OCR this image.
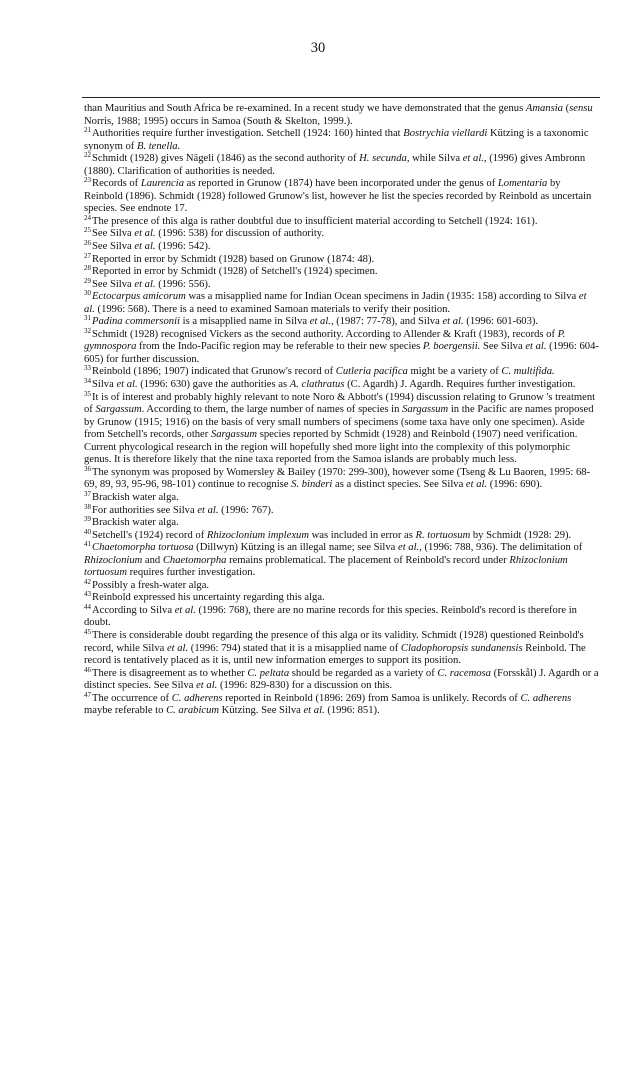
30

than Mauritius and South Africa be re-examined. In a recent study we have demonstrated that the genus Amansia (sensu Norris, 1988; 1995) occurs in Samoa (South & Skelton, 1999.).

$^{21}$Authorities require further investigation. Setchell (1924: 160) hinted that Bostrychia viellardi Kützing is a taxonomic synonym of B. tenella.

$^{22}$Schmidt (1928) gives Nägeli (1846) as the second authority of H. secunda, while Silva et al., (1996) gives Ambronn (1880). Clarification of authorities is needed.

$^{23}$Records of Laurencia as reported in Grunow (1874) have been incorporated under the genus of Lomentaria by Reinbold (1896). Schmidt (1928) followed Grunow's list, however he list the species recorded by Reinbold as uncertain species. See endnote 17.

$^{24}$The presence of this alga is rather doubtful due to insufficient material according to Setchell (1924: 161).

$^{25}$See Silva et al. (1996: 538) for discussion of authority.

$^{26}$See Silva et al. (1996: 542).

$^{27}$Reported in error by Schmidt (1928) based on Grunow (1874: 48).

$^{28}$Reported in error by Schmidt (1928) of Setchell's (1924) specimen.

$^{29}$See Silva et al. (1996: 556).

$^{30}$Ectocarpus amicorum was a misapplied name for Indian Ocean specimens in Jadin (1935: 158) according to Silva et al. (1996: 568). There is a need to examined Samoan materials to verify their position.

$^{31}$Padina commersonii is a misapplied name in Silva et al., (1987: 77-78), and Silva et al. (1996: 601-603).

$^{32}$Schmidt (1928) recognised Vickers as the second authority. According to Allender & Kraft (1983), records of P. gymnospora from the Indo-Pacific region may be referable to their new species P. boergensii. See Silva et al. (1996: 604-605) for further discussion.

$^{33}$Reinbold (1896; 1907) indicated that Grunow's record of Cutleria pacifica might be a variety of C. multifida.

$^{34}$Silva et al. (1996: 630) gave the authorities as A. clathratus (C. Agardh) J. Agardh. Requires further investigation.

$^{35}$It is of interest and probably highly relevant to note Noro & Abbott's (1994) discussion relating to Grunow 's treatment of Sargassum. According to them, the large number of names of species in Sargassum in the Pacific are names proposed by Grunow (1915; 1916) on the basis of very small numbers of specimens (some taxa have only one specimen). Aside from Setchell's records, other Sargassum species reported by Schmidt (1928) and Reinbold (1907) need verification. Current phycological research in the region will hopefully shed more light into the complexity of this polymorphic genus. It is therefore likely that the nine taxa reported from the Samoa islands are probably much less.

$^{36}$The synonym was proposed by Womersley & Bailey (1970: 299-300), however some (Tseng & Lu Baoren, 1995: 68-69, 89, 93, 95-96, 98-101) continue to recognise S. binderi as a distinct species. See Silva et al. (1996: 690).

$^{37}$Brackish water alga.

$^{38}$For authorities see Silva et al. (1996: 767).

$^{39}$Brackish water alga.

$^{40}$Setchell's (1924) record of Rhizoclonium implexum was included in error as R. tortuosum by Schmidt (1928: 29).

$^{41}$Chaetomorpha tortuosa (Dillwyn) Kützing is an illegal name; see Silva et al., (1996: 788, 936). The delimitation of Rhizoclonium and Chaetomorpha remains problematical. The placement of Reinbold's record under Rhizoclonium tortuosum requires further investigation.

$^{42}$Possibly a fresh-water alga.

$^{43}$Reinbold expressed his uncertainty regarding this alga.

$^{44}$According to Silva et al. (1996: 768), there are no marine records for this species. Reinbold's record is therefore in doubt.

$^{45}$There is considerable doubt regarding the presence of this alga or its validity. Schmidt (1928) questioned Reinbold's record, while Silva et al. (1996: 794) stated that it is a misapplied name of Cladophoropsis sundanensis Reinbold. The record is tentatively placed as it is, until new information emerges to support its position.

$^{46}$There is disagreement as to whether C. peltata should be regarded as a variety of C. racemosa (Forsskål) J. Agardh or a distinct species. See Silva et al. (1996: 829-830) for a discussion on this.

$^{47}$The occurrence of C. adherens reported in Reinbold (1896: 269) from Samoa is unlikely. Records of C. adherens maybe referable to C. arabicum Kützing. See Silva et al. (1996: 851).
